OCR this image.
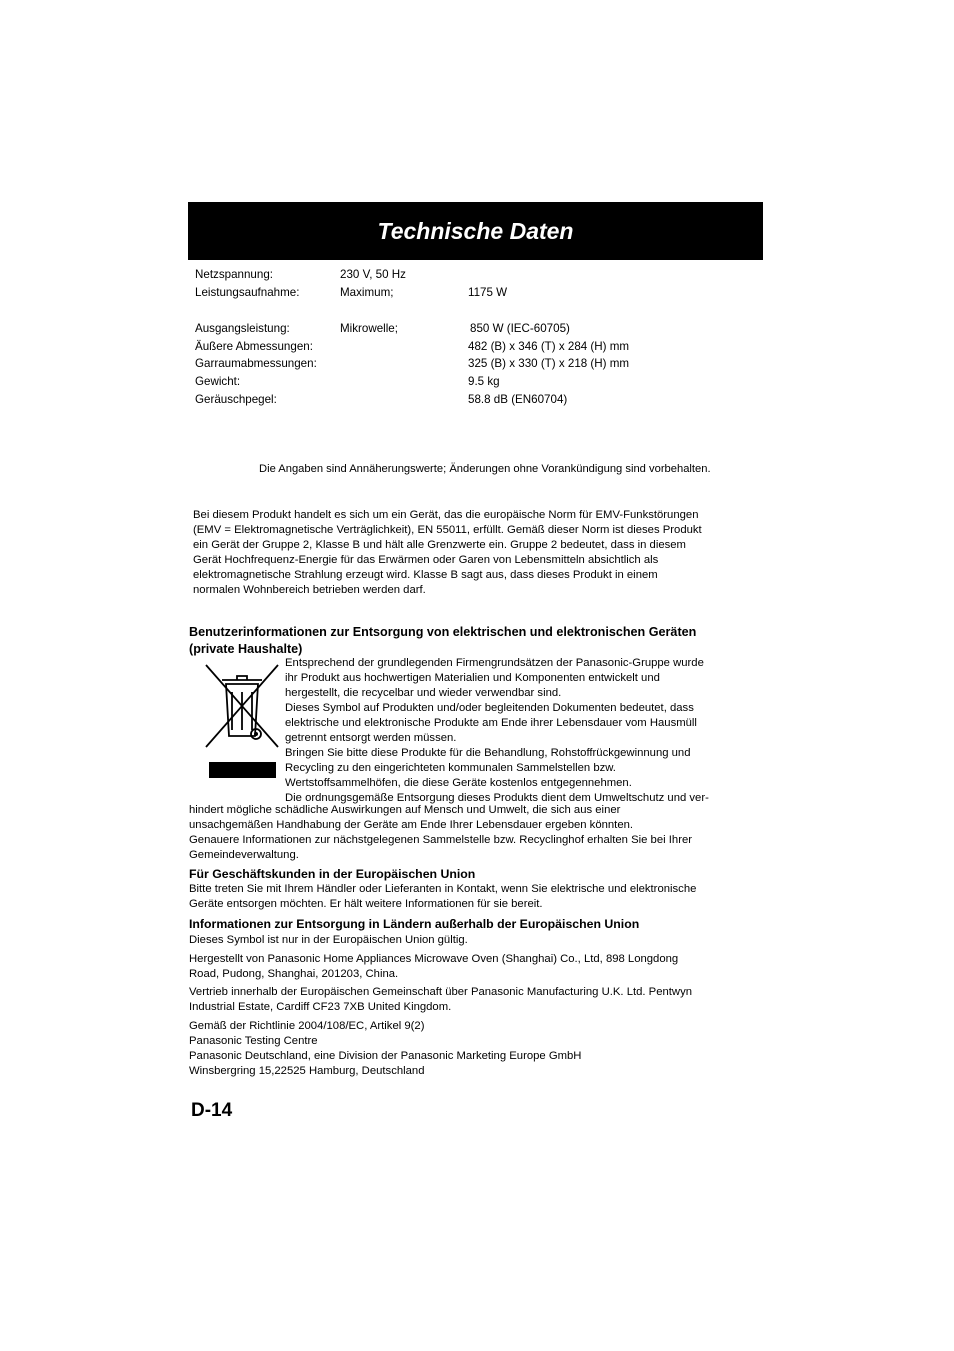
Technische Daten
Netzspannung:	230 V, 50 Hz
Leistungsaufnahme:	Maximum;	1175 W
Ausgangsleistung:	Mikrowelle;	850 W (IEC-60705)
Äußere Abmessungen:	482 (B) x 346 (T) x 284 (H) mm
Garraumabmessungen:	325 (B) x 330 (T) x 218 (H) mm
Gewicht:	9.5 kg
Geräuschpegel:	58.8 dB (EN60704)
Die Angaben sind Annäherungswerte; Änderungen ohne Vorankündigung sind vorbehalten.
Bei diesem Produkt handelt es sich um ein Gerät, das die europäische Norm für EMV-Funkstörungen
(EMV = Elektromagnetische Verträglichkeit), EN 55011, erfüllt. Gemäß dieser Norm ist dieses Produkt
ein Gerät der Gruppe 2, Klasse B und hält alle Grenzwerte ein. Gruppe 2 bedeutet, dass in diesem
Gerät Hochfrequenz-Energie für das Erwärmen oder Garen von Lebensmitteln absichtlich als
elektromagnetische Strahlung erzeugt wird. Klasse B sagt aus, dass dieses Produkt in einem
normalen Wohnbereich betrieben werden darf.
Benutzerinformationen zur Entsorgung von elektrischen und elektronischen Geräten
(private Haushalte)
Entsprechend der grundlegenden Firmengrundsätzen der Panasonic-Gruppe wurde
ihr Produkt aus hochwertigen Materialien und Komponenten entwickelt und
hergestellt, die recycelbar und wieder verwendbar sind.
Dieses Symbol auf Produkten und/oder begleitenden Dokumenten bedeutet, dass
elektrische und elektronische Produkte am Ende ihrer Lebensdauer vom Hausmüll
getrennt entsorgt werden müssen.
Bringen Sie bitte diese Produkte für die Behandlung, Rohstoffrückgewinnung und
Recycling zu den eingerichteten kommunalen Sammelstellen bzw.
Wertstoffsammelhöfen, die diese Geräte kostenlos entgegennehmen.
Die ordnungsgemäße Entsorgung dieses Produkts dient dem Umweltschutz und ver-
hindert mögliche schädliche Auswirkungen auf Mensch und Umwelt, die sich aus einer
unsachgemäßen Handhabung der Geräte am Ende Ihrer Lebensdauer ergeben könnten.
Genauere Informationen zur nächstgelegenen Sammelstelle bzw. Recyclinghof erhalten Sie bei Ihrer
Gemeindeverwaltung.
Für Geschäftskunden in der Europäischen Union
Bitte treten Sie mit Ihrem Händler oder Lieferanten in Kontakt, wenn Sie elektrische und elektronische
Geräte entsorgen möchten. Er hält weitere Informationen für sie bereit.
Informationen zur Entsorgung in Ländern außerhalb der Europäischen Union
Dieses Symbol ist nur in der Europäischen Union gültig.
Hergestellt von Panasonic Home Appliances Microwave Oven (Shanghai) Co., Ltd, 898 Longdong
Road, Pudong, Shanghai, 201203, China.
Vertrieb innerhalb der Europäischen Gemeinschaft über Panasonic Manufacturing U.K. Ltd. Pentwyn
Industrial Estate, Cardiff CF23 7XB United Kingdom.
Gemäß der Richtlinie 2004/108/EC, Artikel 9(2)
Panasonic Testing Centre
Panasonic Deutschland, eine Division der Panasonic Marketing Europe GmbH
Winsbergring 15,22525 Hamburg, Deutschland
D-14
